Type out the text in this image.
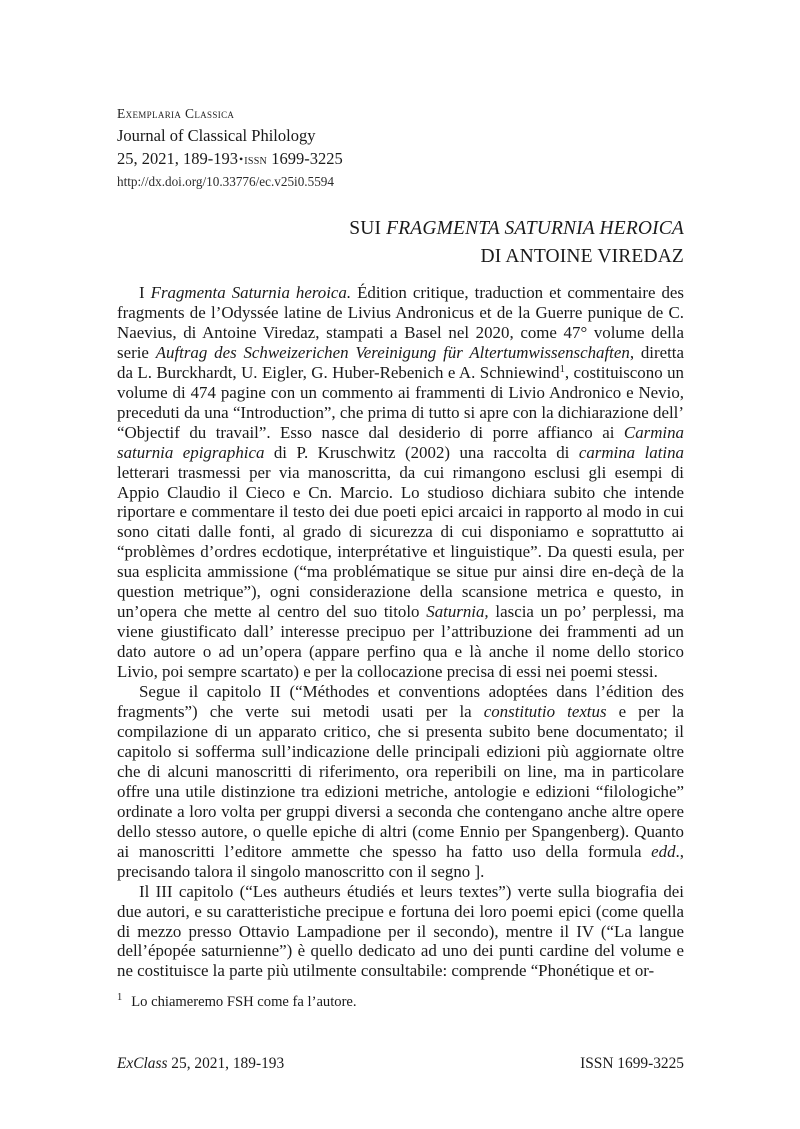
Exemplaria Classica
Journal of Classical Philology
25, 2021, 189-193•issn 1699-3225
http://dx.doi.org/10.33776/ec.v25i0.5594
SUI FRAGMENTA SATURNIA HEROICA
DI ANTOINE VIREDAZ

I Fragmenta Saturnia heroica. Édition critique, traduction et commentaire des fragments de l’Odyssée latine de Livius Andronicus et de la Guerre punique de C. Naevius, di Antoine Viredaz, stampati a Basel nel 2020, come 47° volume della serie Auftrag des Schweizerichen Vereinigung für Altertumwissenschaften, diretta da L. Burckhardt, U. Eigler, G. Huber-Rebenich e A. Schniewind$^1$, costituiscono un volume di 474 pagine con un commento ai frammenti di Livio Andronico e Nevio, preceduti da una “Introduction”, che prima di tutto si apre con la dichiarazione dell’ “Objectif du travail”. Esso nasce dal desiderio di porre affianco ai Carmina saturnia epigraphica di P. Kruschwitz (2002) una raccolta di carmina latina letterari trasmessi per via manoscritta, da cui rimangono esclusi gli esempi di Appio Claudio il Cieco e Cn. Marcio. Lo studioso dichiara subito che intende riportare e commentare il testo dei due poeti epici arcaici in rapporto al modo in cui sono citati dalle fonti, al grado di sicurezza di cui disponiamo e soprattutto ai “problèmes d’ordres ecdotique, interprétative et linguistique”. Da questi esula, per sua esplicita ammissione (“ma problématique se situe pur ainsi dire en-deçà de la question metrique”), ogni considerazione della scansione metrica e questo, in un’opera che mette al centro del suo titolo Saturnia, lascia un po’ perplessi, ma viene giustificato dall’ interesse precipuo per l’attribuzione dei frammenti ad un dato autore o ad un’opera (appare perfino qua e là anche il nome dello storico Livio, poi sempre scartato) e per la collocazione precisa di essi nei poemi stessi.

Segue il capitolo II (“Méthodes et conventions adoptées dans l’édition des fragments”) che verte sui metodi usati per la constitutio textus e per la compilazione di un apparato critico, che si presenta subito bene documentato; il capitolo si sofferma sull’indicazione delle principali edizioni più aggiornate oltre che di alcuni manoscritti di riferimento, ora reperibili on line, ma in particolare offre una utile distinzione tra edizioni metriche, antologie e edizioni “filologiche” ordinate a loro volta per gruppi diversi a seconda che contengano anche altre opere dello stesso autore, o quelle epiche di altri (come Ennio per Spangenberg). Quanto ai manoscritti l’editore ammette che spesso ha fatto uso della formula edd., precisando talora il singolo manoscritto con il segno ].

Il III capitolo (“Les autheurs étudiés et leurs textes”) verte sulla biografia dei due autori, e su caratteristiche precipue e fortuna dei loro poemi epici (come quella di mezzo presso Ottavio Lampadione per il secondo), mentre il IV (“La langue dell’épopée saturnienne”) è quello dedicato ad uno dei punti cardine del volume e ne costituisce la parte più utilmente consultabile: comprende “Phonétique et or-

$^1$ Lo chiameremo FSH come fa l’autore.

ExClass 25, 2021, 189-193	ISSN 1699-3225
